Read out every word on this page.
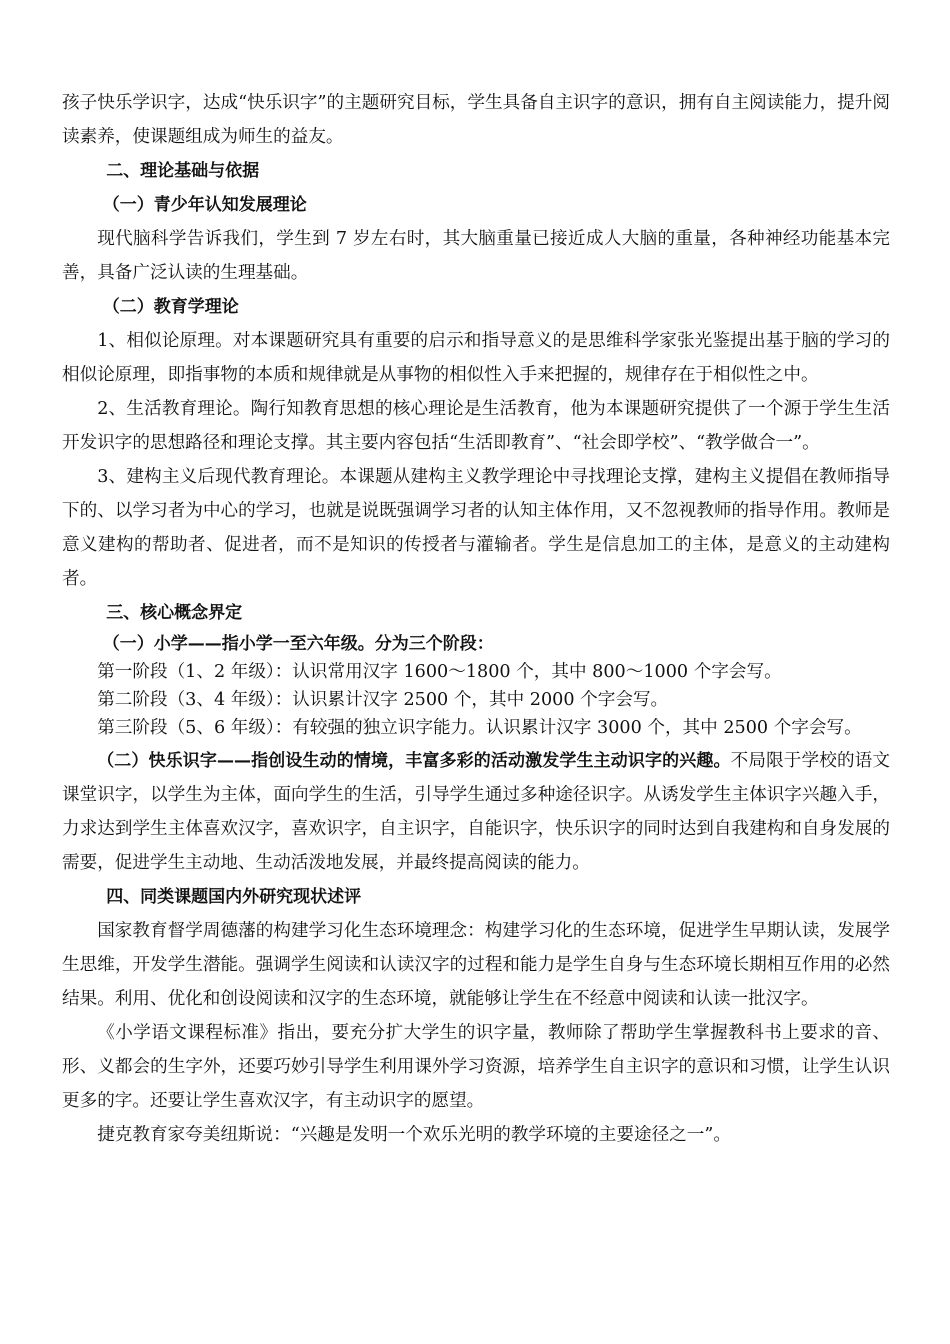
孩子快乐学识字，达成“快乐识字”的主题研究目标，学生具备自主识字的意识，拥有自主阅读能力，提升阅读素养，使课题组成为师生的益友。

二、理论基础与依据

（一）青少年认知发展理论

现代脑科学告诉我们，学生到 7 岁左右时，其大脑重量已接近成人大脑的重量，各种神经功能基本完善，具备广泛认读的生理基础。

（二）教育学理论

1、相似论原理。对本课题研究具有重要的启示和指导意义的是思维科学家张光鉴提出基于脑的学习的相似论原理，即指事物的本质和规律就是从事物的相似性入手来把握的，规律存在于相似性之中。

2、生活教育理论。陶行知教育思想的核心理论是生活教育，他为本课题研究提供了一个源于学生生活开发识字的思想路径和理论支撑。其主要内容包括“生活即教育”、“社会即学校”、“教学做合一”。

3、建构主义后现代教育理论。本课题从建构主义教学理论中寻找理论支撑，建构主义提倡在教师指导下的、以学习者为中心的学习，也就是说既强调学习者的认知主体作用，又不忽视教师的指导作用。教师是意义建构的帮助者、促进者，而不是知识的传授者与灌输者。学生是信息加工的主体，是意义的主动建构者。

三、核心概念界定

（一）小学——指小学一至六年级。分为三个阶段：

第一阶段（1、2 年级）：认识常用汉字 1600～1800 个，其中 800～1000 个字会写。

第二阶段（3、4 年级）：认识累计汉字 2500 个，其中 2000 个字会写。

第三阶段（5、6 年级）：有较强的独立识字能力。认识累计汉字 3000 个，其中 2500 个字会写。

（二）快乐识字——指创设生动的情境，丰富多彩的活动激发学生主动识字的兴趣。不局限于学校的语文课堂识字，以学生为主体，面向学生的生活，引导学生通过多种途径识字。从诱发学生主体识字兴趣入手，力求达到学生主体喜欢汉字，喜欢识字，自主识字，自能识字，快乐识字的同时达到自我建构和自身发展的需要，促进学生主动地、生动活泼地发展，并最终提高阅读的能力。

四、同类课题国内外研究现状述评

国家教育督学周德藩的构建学习化生态环境理念：构建学习化的生态环境，促进学生早期认读，发展学生思维，开发学生潜能。强调学生阅读和认读汉字的过程和能力是学生自身与生态环境长期相互作用的必然结果。利用、优化和创设阅读和汉字的生态环境，就能够让学生在不经意中阅读和认读一批汉字。

《小学语文课程标准》指出，要充分扩大学生的识字量，教师除了帮助学生掌握教科书上要求的音、形、义都会的生字外，还要巧妙引导学生利用课外学习资源，培养学生自主识字的意识和习惯，让学生认识更多的字。还要让学生喜欢汉字，有主动识字的愿望。

捷克教育家夸美纽斯说：“兴趣是发明一个欢乐光明的教学环境的主要途径之一”。
